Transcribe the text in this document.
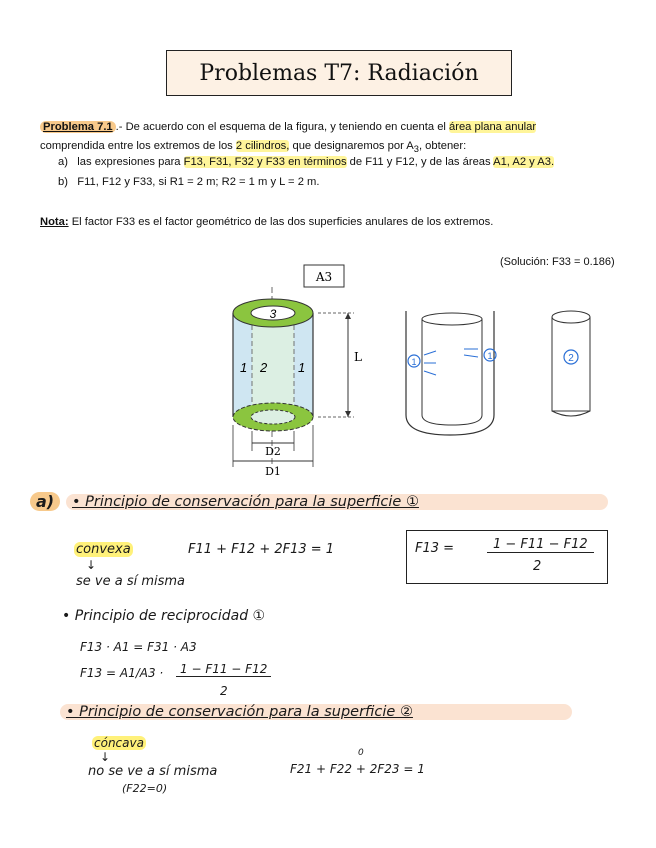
Problemas T7: Radiación
Problema 7.1 .- De acuerdo con el esquema de la figura, y teniendo en cuenta el área plana anular
comprendida entre los extremos de los 2 cilindros, que designaremos por $A_3$, obtener:
a) las expresiones para F13, F31, F32 y F33 en términos de F11 y F12, y de las áreas A1, A2 y A3.
b) F11, F12 y F33, si R1 = 2 m; R2 = 1 m y L = 2 m.
Nota: El factor F33 es el factor geométrico de las dos superficies anulares de los extremos.
(Solución: F33 = 0.186)
A3
3
1 2 1
L
D2
D1
1
1	2
a)	• Principio de conservación para la superficie ①
convexa
↓
se ve a sí misma
F11 + F12 + 2F13 = 1	F13 =	1 − F11 − F12
2
• Principio de reciprocidad ①
F13 · A1 = F31 · A3
F13 = A1/A3 ·	1 − F11 − F12
2
• Principio de conservación para la superficie ②
cóncava
↓
no se ve a sí misma
(F22=0)
F21 + F22 + 2F23 = 1
0
